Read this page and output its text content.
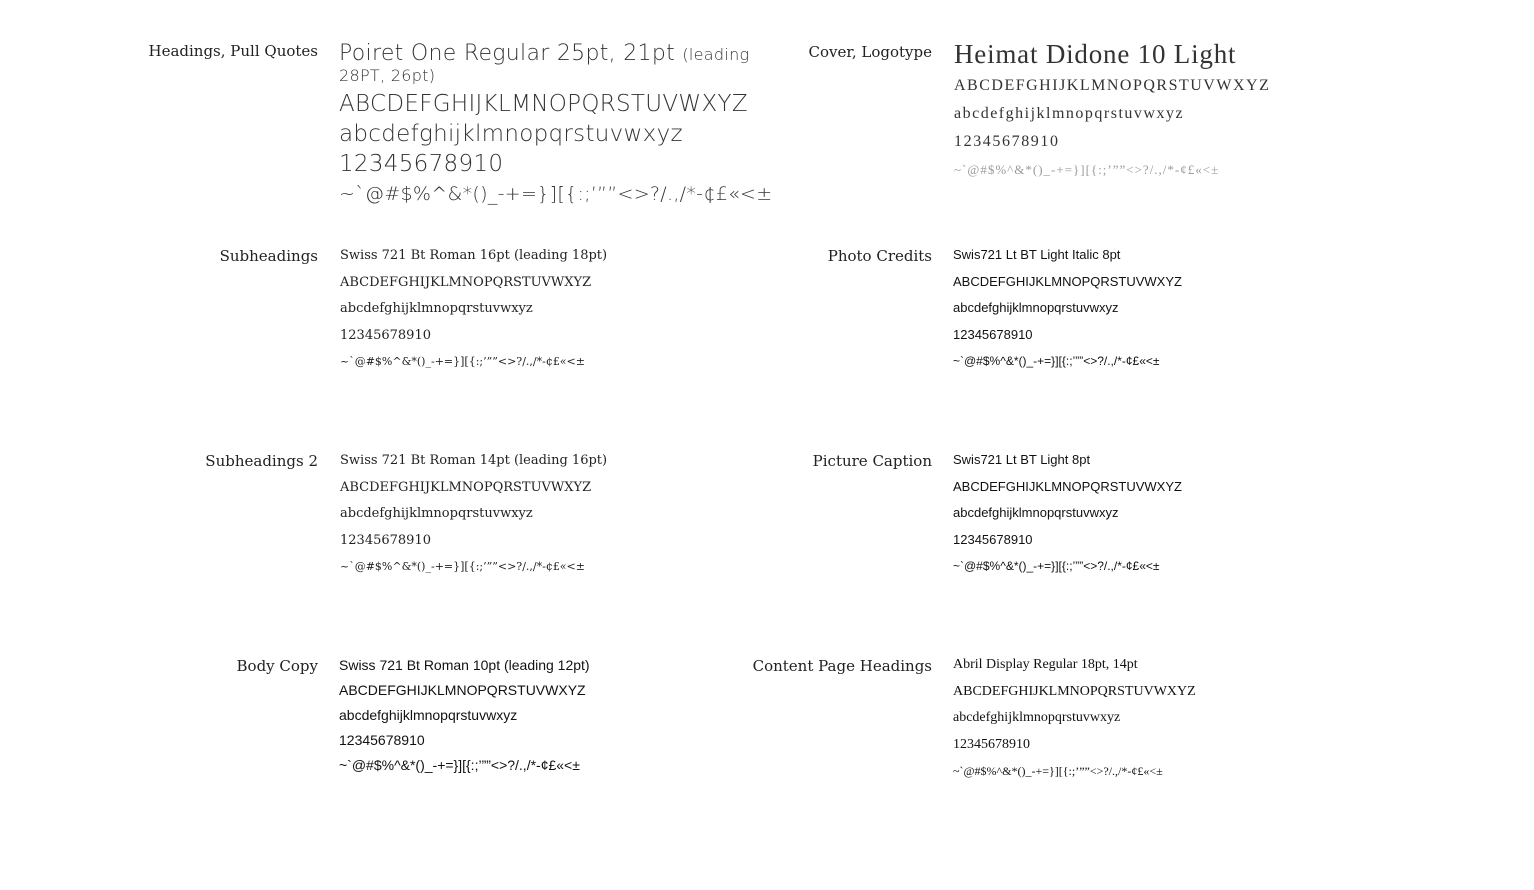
Headings, Pull Quotes Poiret One Regular 25pt, 21pt (leading
28PT, 26pt)
ABCDEFGHIJKLMNOPQRSTUVWXYZ
abcdefghijklmnopqrstuvwxyz
12345678910
~`@#$%^&*()_-+=}][{:;’””<>?/.,/*-¢£«<±
Subheadings Swiss 721 Bt Roman 16pt (leading 18pt)
ABCDEFGHIJKLMNOPQRSTUVWXYZ
abcdefghijklmnopqrstuvwxyz
12345678910
~`@#$%^&*()_-+=}][{:;’””<>?/.,/*-¢£«<±
Subheadings 2 Swiss 721 Bt Roman 14pt (leading 16pt)
ABCDEFGHIJKLMNOPQRSTUVWXYZ
abcdefghijklmnopqrstuvwxyz
12345678910
~`@#$%^&*()_-+=}][{:;’””<>?/.,/*-¢£«<±
Body Copy Swiss 721 Bt Roman 10pt (leading 12pt)
ABCDEFGHIJKLMNOPQRSTUVWXYZ
abcdefghijklmnopqrstuvwxyz
12345678910
~`@#$%^&*()_-+=}][{:;’””<>?/.,/*-¢£«<±
Cover, Logotype Heimat Didone 10 Light
ABCDEFGHIJKLMNOPQRSTUVWXYZ
abcdefghijklmnopqrstuvwxyz
12345678910
~`@#$%^&*()_-+=}][{:;’””<>?/.,/*-¢£«<±
Photo Credits Swis721 Lt BT Light Italic 8pt
ABCDEFGHIJKLMNOPQRSTUVWXYZ
abcdefghijklmnopqrstuvwxyz
12345678910
~`@#$%^&*()_-+=}][{:;’””<>?/.,/*-¢£«<±
Picture Caption Swis721 Lt BT Light 8pt
ABCDEFGHIJKLMNOPQRSTUVWXYZ
abcdefghijklmnopqrstuvwxyz
12345678910
~`@#$%^&*()_-+=}][{:;’””<>?/.,/*-¢£«<±
Content Page Headings Abril Display Regular 18pt, 14pt
ABCDEFGHIJKLMNOPQRSTUVWXYZ
abcdefghijklmnopqrstuvwxyz
12345678910
~`@#$%^&*()_-+=}][{:;’””<>?/.,/*-¢£«<±
